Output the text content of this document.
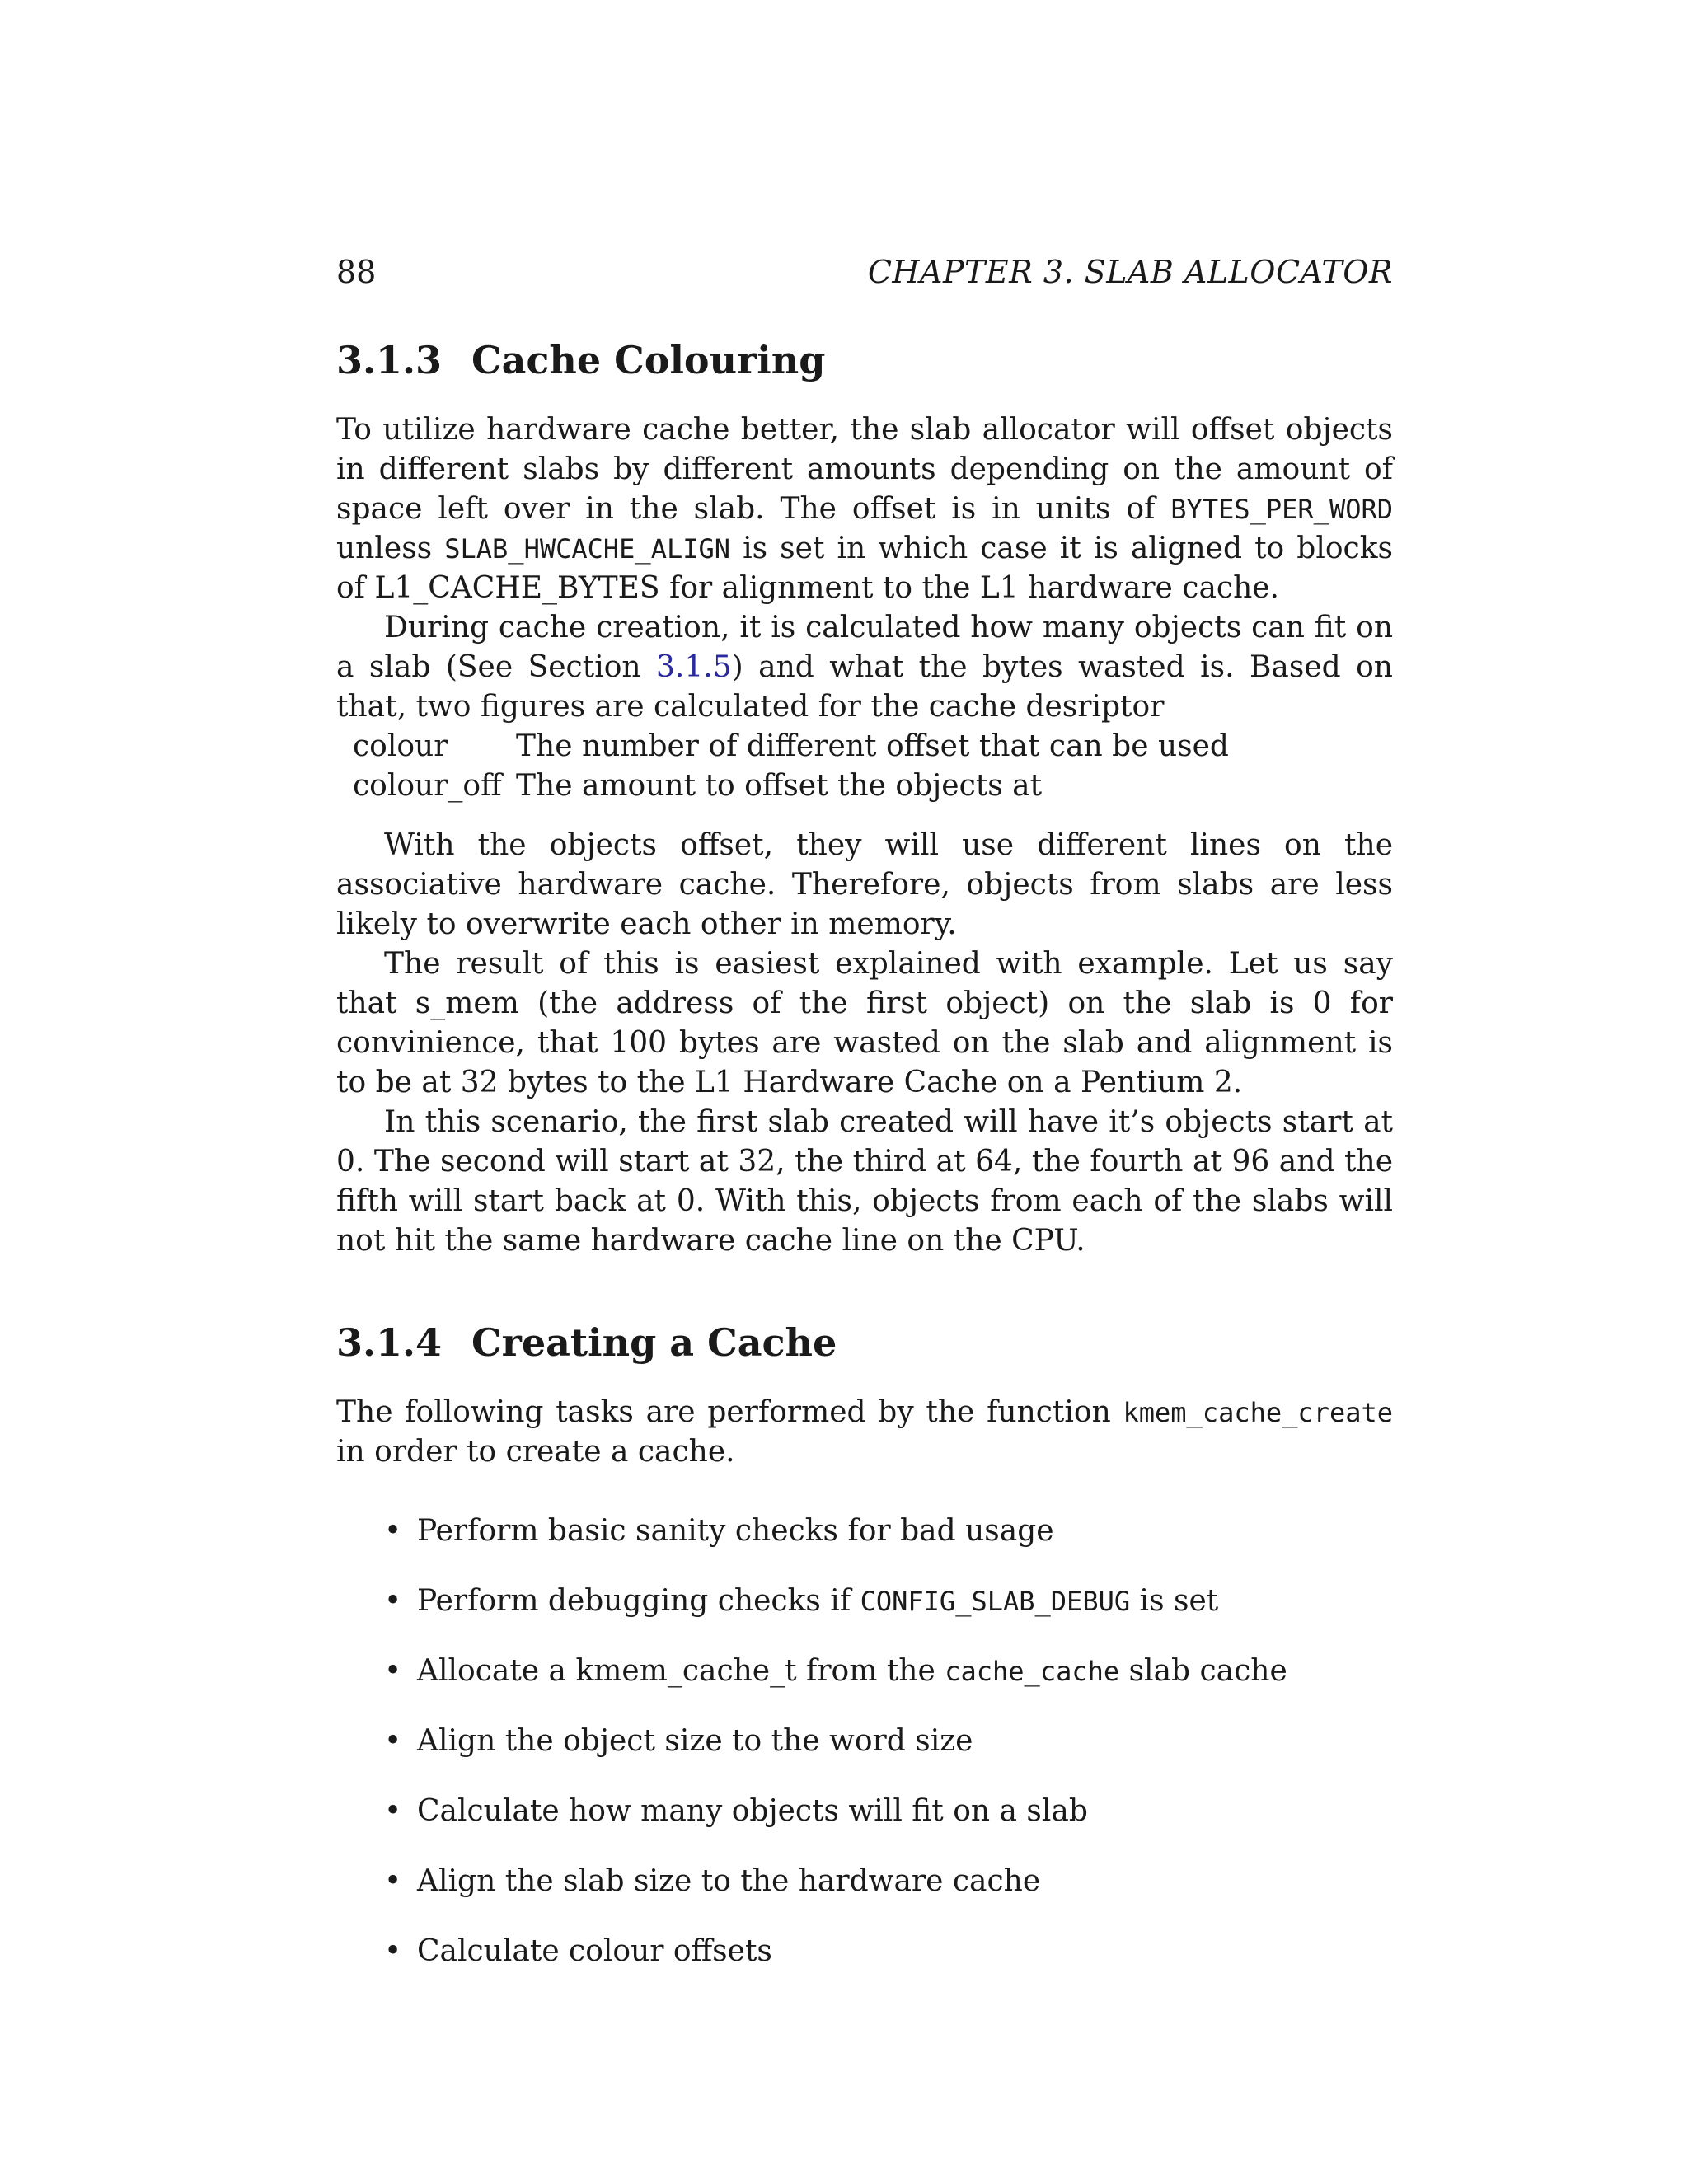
88	CHAPTER 3. SLAB ALLOCATOR
3.1.3 Cache Colouring

To utilize hardware cache better, the slab allocator will offset objects in different slabs by different amounts depending on the amount of space left over in the slab. The offset is in units of BYTES_PER_WORD unless SLAB_HWCACHE_ALIGN is set in which case it is aligned to blocks of L1_CACHE_BYTES for alignment to the L1 hardware cache.

During cache creation, it is calculated how many objects can fit on a slab (See Section 3.1.5) and what the bytes wasted is. Based on that, two figures are calculated for the cache desriptor

colour	The number of different offset that can be used
colour_off The amount to offset the objects at

With the objects offset, they will use different lines on the associative hardware cache. Therefore, objects from slabs are less likely to overwrite each other in memory.

The result of this is easiest explained with example. Let us say that s_mem (the address of the first object) on the slab is 0 for convinience, that 100 bytes are wasted on the slab and alignment is to be at 32 bytes to the L1 Hardware Cache on a Pentium 2.

In this scenario, the first slab created will have it’s objects start at 0. The second will start at 32, the third at 64, the fourth at 96 and the fifth will start back at 0. With this, objects from each of the slabs will not hit the same hardware cache line on the CPU.

3.1.4 Creating a Cache

The following tasks are performed by the function kmem_cache_create in order to create a cache.

• Perform basic sanity checks for bad usage
• Perform debugging checks if CONFIG_SLAB_DEBUG is set
• Allocate a kmem_cache_t from the cache_cache slab cache
• Align the object size to the word size
• Calculate how many objects will fit on a slab
• Align the slab size to the hardware cache
• Calculate colour offsets
